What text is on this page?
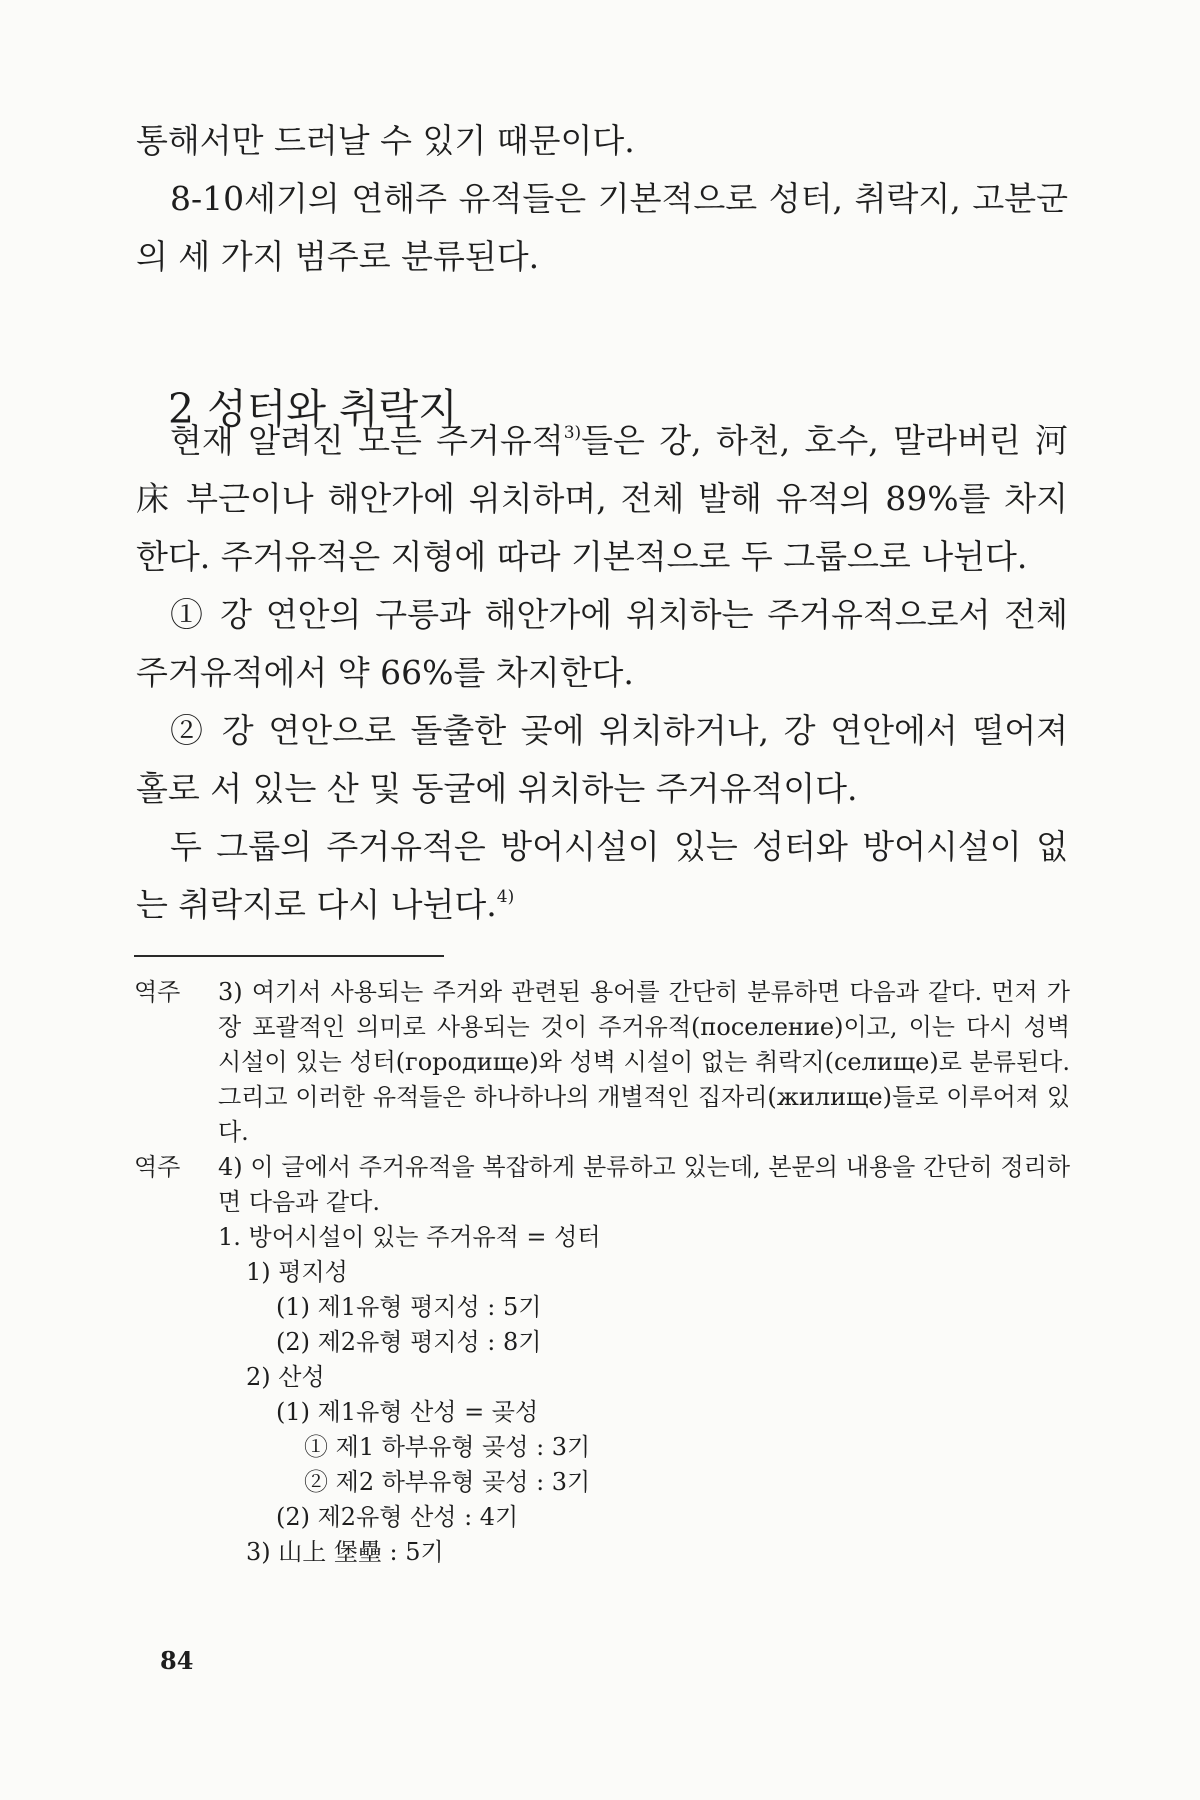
통해서만 드러날 수 있기 때문이다.

8-10세기의 연해주 유적들은 기본적으로 성터, 취락지, 고분군의 세 가지 범주로 분류된다.

2 성터와 취락지

현재 알려진 모든 주거유적$^{3)}$들은 강, 하천, 호수, 말라버린 河床 부근이나 해안가에 위치하며, 전체 발해 유적의 89%를 차지한다. 주거유적은 지형에 따라 기본적으로 두 그룹으로 나뉜다.

① 강 연안의 구릉과 해안가에 위치하는 주거유적으로서 전체 주거유적에서 약 66%를 차지한다.

② 강 연안으로 돌출한 곶에 위치하거나, 강 연안에서 떨어져 홀로 서 있는 산 및 동굴에 위치하는 주거유적이다.

두 그룹의 주거유적은 방어시설이 있는 성터와 방어시설이 없는 취락지로 다시 나뉜다.$^{4)}$

역주 3) 여기서 사용되는 주거와 관련된 용어를 간단히 분류하면 다음과 같다. 먼저 가장 포괄적인 의미로 사용되는 것이 주거유적(поселение)이고, 이는 다시 성벽 시설이 있는 성터(городище)와 성벽 시설이 없는 취락지(селище)로 분류된다. 그리고 이러한 유적들은 하나하나의 개별적인 집자리(жилище)들로 이루어져 있다.

역주 4) 이 글에서 주거유적을 복잡하게 분류하고 있는데, 본문의 내용을 간단히 정리하면 다음과 같다.

1. 방어시설이 있는 주거유적 = 성터
1) 평지성
(1) 제1유형 평지성 : 5기
(2) 제2유형 평지성 : 8기
2) 산성
(1) 제1유형 산성 = 곶성
① 제1 하부유형 곶성 : 3기
② 제2 하부유형 곶성 : 3기
(2) 제2유형 산성 : 4기
3) 山上 堡壘 : 5기
84
